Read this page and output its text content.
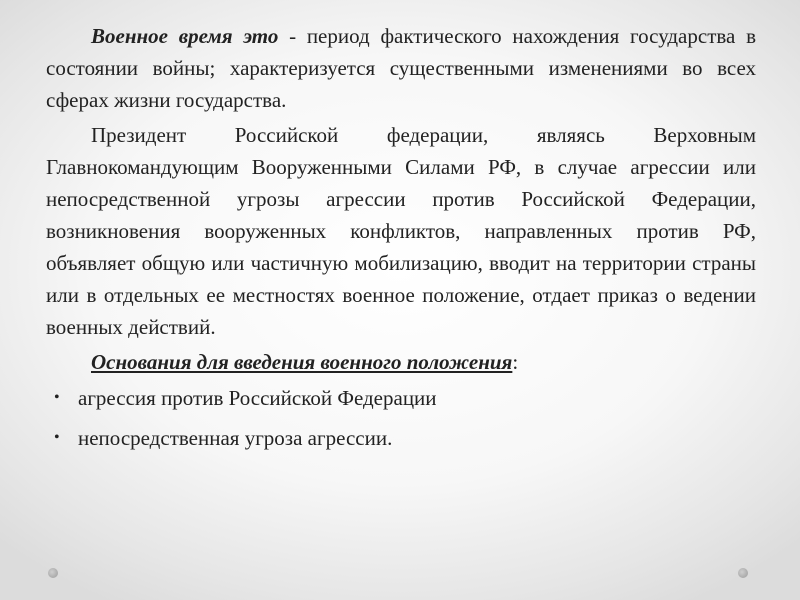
Военное время это - период фактического нахождения государства в состоянии войны; характеризуется существенными изменениями во всех сферах жизни государства.

Президент Российской федерации, являясь Верховным Главнокомандующим Вооруженными Силами РФ, в случае агрессии или непосредственной угрозы агрессии против Российской Федерации, возникновения вооруженных конфликтов, направленных против РФ, объявляет общую или частичную мобилизацию, вводит на территории страны или в отдельных ее местностях военное положение, отдает приказ о ведении военных действий.

Основания для введения военного положения:

• агрессия против Российской Федерации
• непосредственная угроза агрессии.
